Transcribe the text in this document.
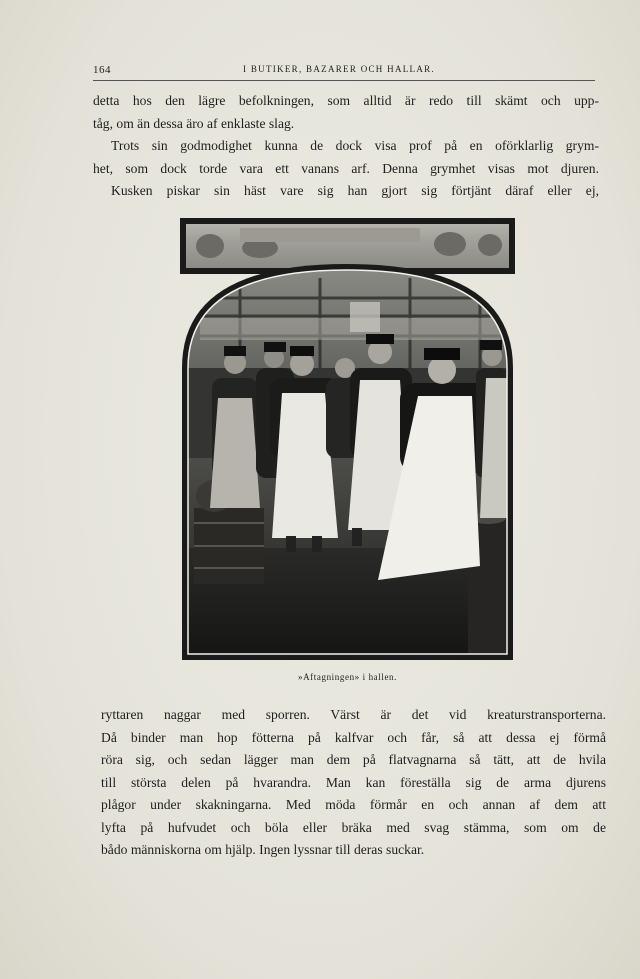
164	I BUTIKER, BAZARER OCH HALLAR.
detta hos den lägre befolkningen, som alltid är redo till skämt och upp-
tåg, om än dessa äro af enklaste slag.
Trots sin godmodighet kunna de dock visa prof på en oförklarlig grym-
het, som dock torde vara ett vanans arf. Denna grymhet visas mot djuren.
Kusken piskar sin häst vare sig han gjort sig förtjänt däraf eller ej,
»Aftagningen» i hallen.
ryttaren naggar med sporren. Värst är det vid kreaturstransporterna.
Då binder man hop fötterna på kalfvar och får, så att dessa ej förmå
röra sig, och sedan lägger man dem på flatvagnarna så tätt, att de hvila
till största delen på hvarandra. Man kan föreställa sig de arma djurens
plågor under skakningarna. Med möda förmår en och annan af dem att
lyfta på hufvudet och böla eller bräka med svag stämma, som om de
bådo människorna om hjälp. Ingen lyssnar till deras suckar.
